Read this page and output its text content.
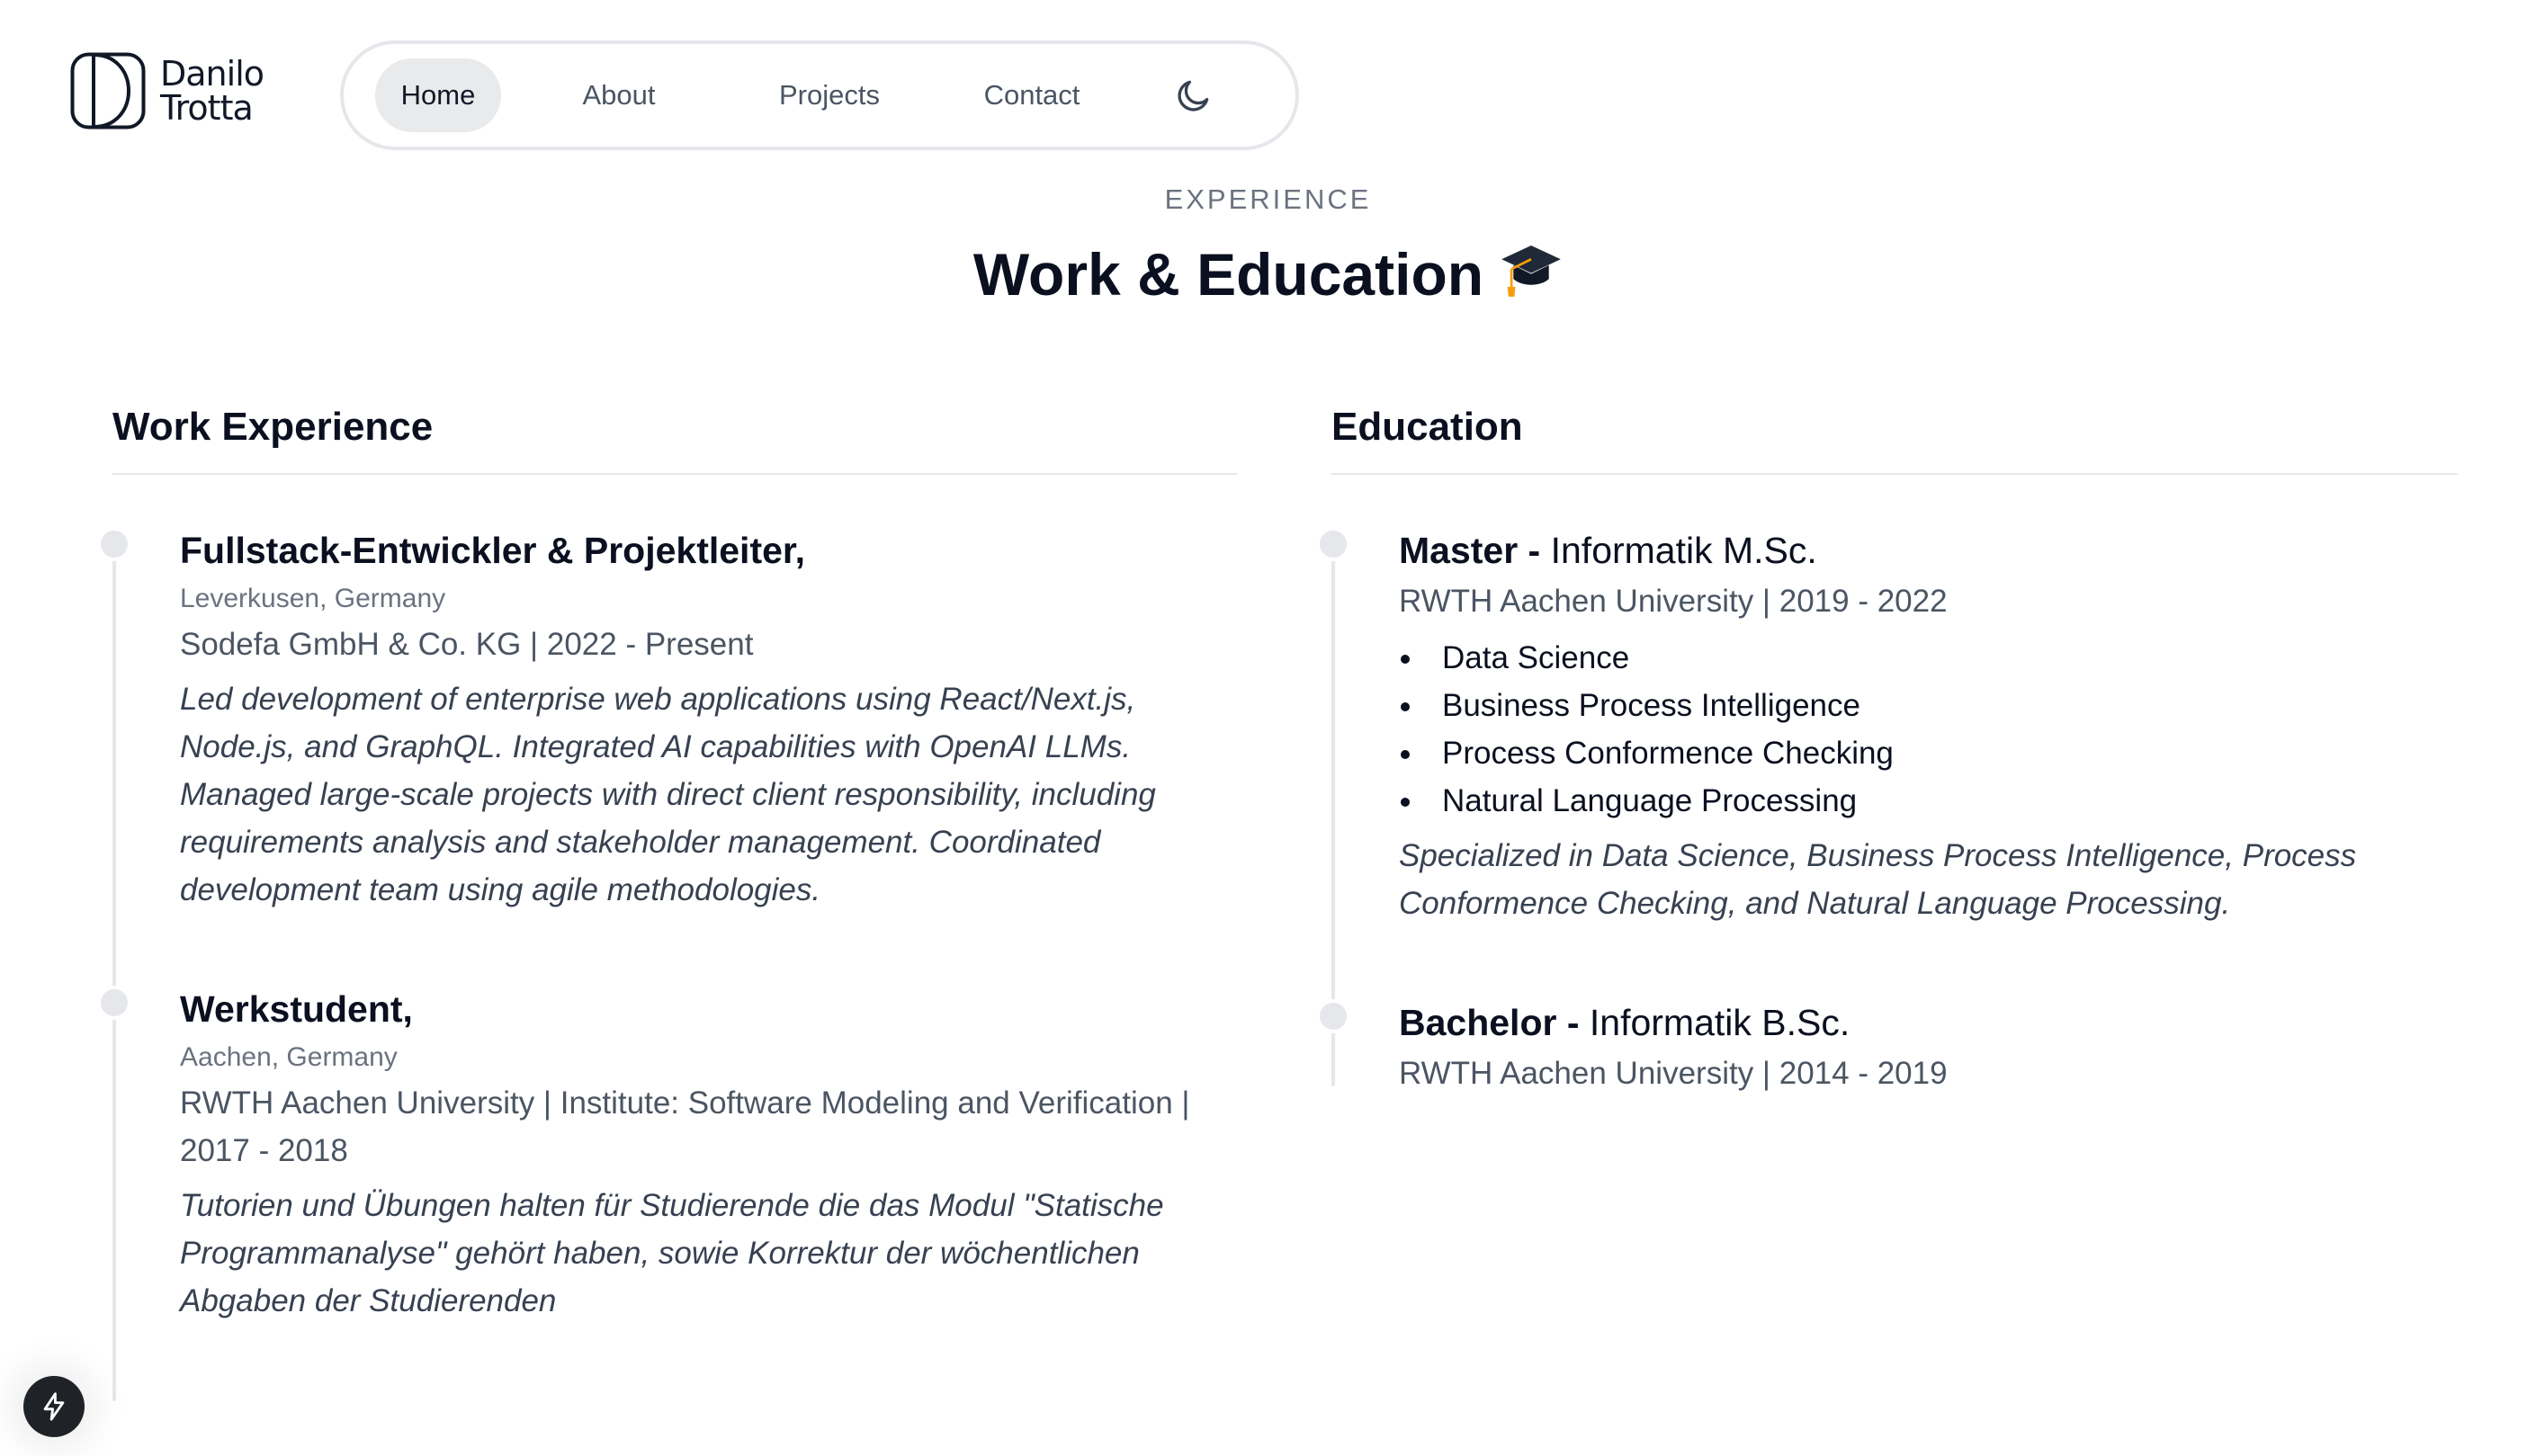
Danilo
Trotta	Home	About	Projects	Contact
EXPERIENCE
Work & Education
Work Experience
Fullstack-Entwickler & Projektleiter,
Leverkusen, Germany
Sodefa GmbH & Co. KG | 2022 - Present

Led development of enterprise web applications using React/Next.js, Node.js, and GraphQL. Integrated AI capabilities with OpenAI LLMs. Managed large-scale projects with direct client responsibility, including requirements analysis and stakeholder management. Coordinated development team using agile methodologies.

Werkstudent,
Aachen, Germany
RWTH Aachen University | Institute: Software Modeling and Verification | 2017 - 2018

Tutorien und Übungen halten für Studierende die das Modul "Statische Programmanalyse" gehört haben, sowie Korrektur der wöchentlichen Abgaben der Studierenden

Education
Master - Informatik M.Sc.
RWTH Aachen University | 2019 - 2022
Data Science
Business Process Intelligence
Process Conformence Checking
Natural Language Processing

Specialized in Data Science, Business Process Intelligence, Process Conformence Checking, and Natural Language Processing.

Bachelor - Informatik B.Sc.
RWTH Aachen University | 2014 - 2019
